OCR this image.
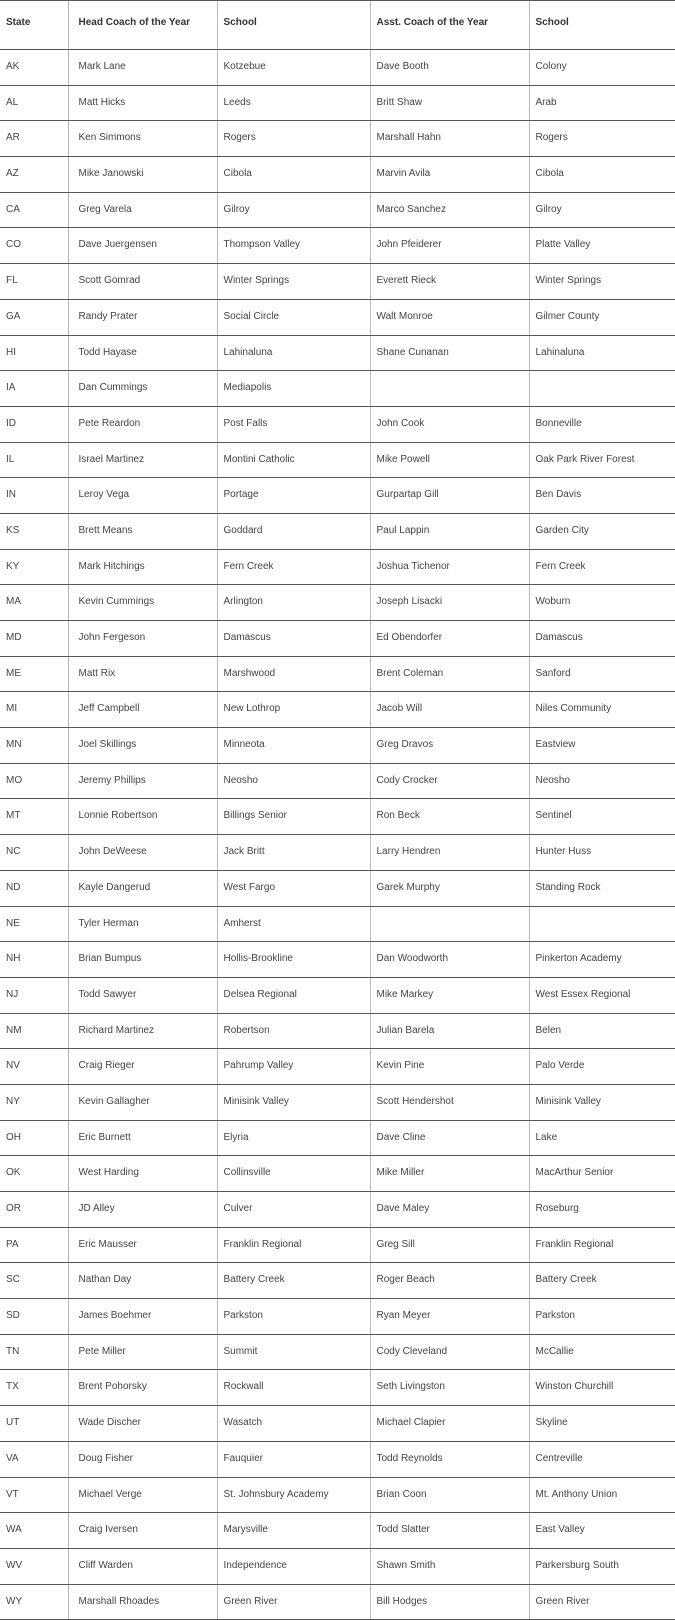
State	Head Coach of the Year	School	Asst. Coach of the Year	School

AK	Mark Lane	Kotzebue	Dave Booth	Colony

AL	Matt Hicks	Leeds	Britt Shaw	Arab

AR	Ken Simmons	Rogers	Marshall Hahn	Rogers

AZ	Mike Janowski	Cibola	Marvin Avila	Cibola

CA	Greg Varela	Gilroy	Marco Sanchez	Gilroy

CO	Dave Juergensen	Thompson Valley	John Pfeiderer	Platte Valley

FL	Scott Gomrad	Winter Springs	Everett Rieck	Winter Springs

GA	Randy Prater	Social Circle	Walt Monroe	Gilmer County

HI	Todd Hayase	Lahinaluna	Shane Cunanan	Lahinaluna

IA	Dan Cummings	Mediapolis		

ID	Pete Reardon	Post Falls	John Cook	Bonneville

IL	Israel Martinez	Montini Catholic	Mike Powell	Oak Park River Forest

IN	Leroy Vega	Portage	Gurpartap Gill	Ben Davis

KS	Brett Means	Goddard	Paul Lappin	Garden City

KY	Mark Hitchings	Fern Creek	Joshua Tichenor	Fern Creek

MA	Kevin Cummings	Arlington	Joseph Lisacki	Woburn

MD	John Fergeson	Damascus	Ed Obendorfer	Damascus

ME	Matt Rix	Marshwood	Brent Coleman	Sanford

MI	Jeff Campbell	New Lothrop	Jacob Will	Niles Community

MN	Joel Skillings	Minneota	Greg Dravos	Eastview

MO	Jeremy Phillips	Neosho	Cody Crocker	Neosho

MT	Lonnie Robertson	Billings Senior	Ron Beck	Sentinel

NC	John DeWeese	Jack Britt	Larry Hendren	Hunter Huss

ND	Kayle Dangerud	West Fargo	Garek Murphy	Standing Rock

NE	Tyler Herman	Amherst		

NH	Brian Bumpus	Hollis-Brookline	Dan Woodworth	Pinkerton Academy

NJ	Todd Sawyer	Delsea Regional	Mike Markey	West Essex Regional

NM	Richard Martinez	Robertson	Julian Barela	Belen

NV	Craig Rieger	Pahrump Valley	Kevin Pine	Palo Verde

NY	Kevin Gallagher	Minisink Valley	Scott Hendershot	Minisink Valley

OH	Eric Burnett	Elyria	Dave Cline	Lake

OK	West Harding	Collinsville	Mike Miller	MacArthur Senior

OR	JD Alley	Culver	Dave Maley	Roseburg

PA	Eric Mausser	Franklin Regional	Greg Sill	Franklin Regional

SC	Nathan Day	Battery Creek	Roger Beach	Battery Creek

SD	James Boehmer	Parkston	Ryan Meyer	Parkston

TN	Pete Miller	Summit	Cody Cleveland	McCallie

TX	Brent Pohorsky	Rockwall	Seth Livingston	Winston Churchill

UT	Wade Discher	Wasatch	Michael Clapier	Skyline

VA	Doug Fisher	Fauquier	Todd Reynolds	Centreville

VT	Michael Verge	St. Johnsbury Academy	Brian Coon	Mt. Anthony Union

WA	Craig Iversen	Marysville	Todd Slatter	East Valley

WV	Cliff Warden	Independence	Shawn Smith	Parkersburg South

WY	Marshall Rhoades	Green River	Bill Hodges	Green River
